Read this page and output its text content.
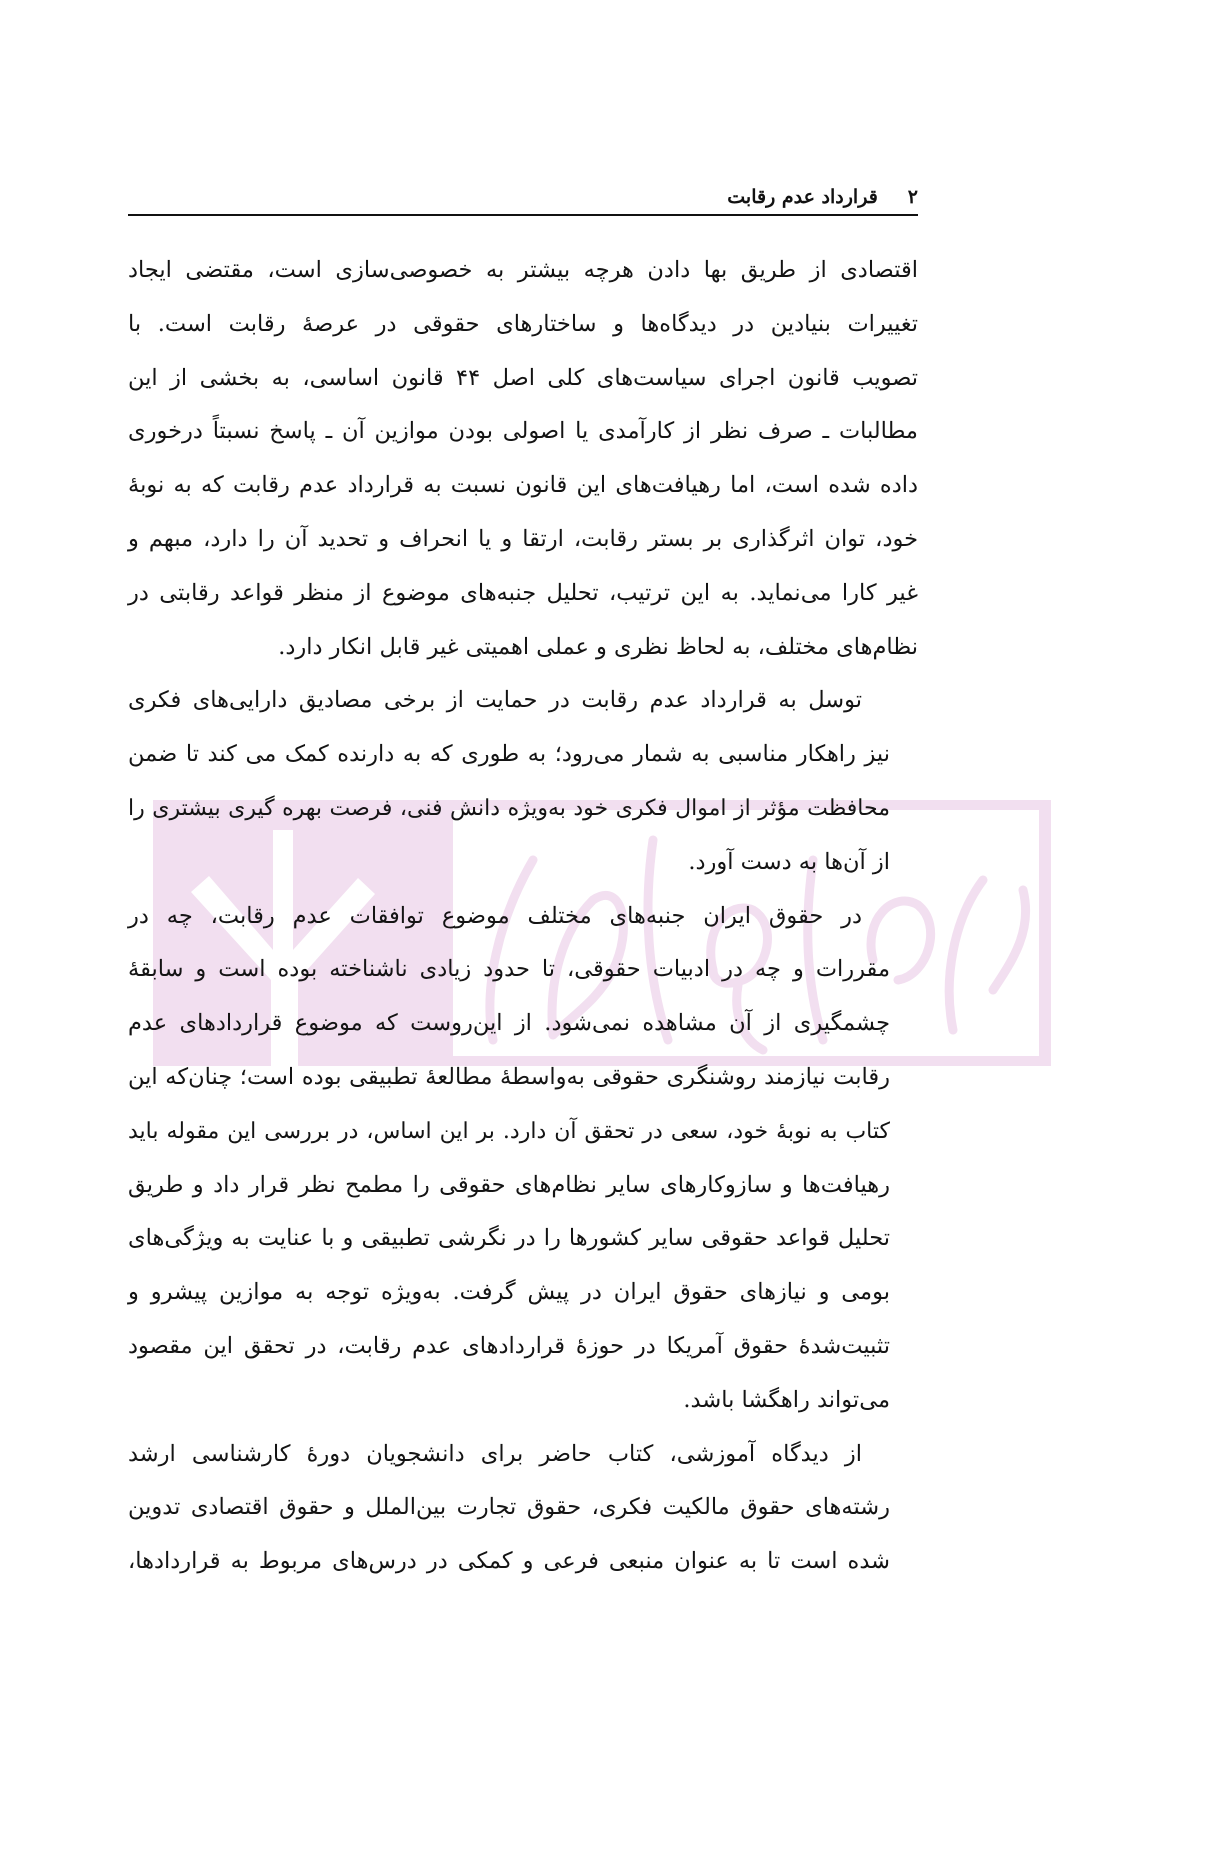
۲
قرارداد عدم رقابت

اقتصادی از طریق بها دادن هرچه بیشتر به خصوصی‌سازی است، مقتضی ایجاد
تغییرات بنیادین در دیدگاه‌ها و ساختارهای حقوقی در عرصهٔ رقابت است. با
تصویب قانون اجرای سیاست‌های کلی اصل ۴۴ قانون اساسی، به بخشی از این
مطالبات ـ صرف نظر از کارآمدی یا اصولی بودن موازین آن ـ پاسخ نسبتاً درخوری
داده شده است، اما رهیافت‌های این قانون نسبت به قرارداد عدم رقابت که به نوبهٔ
خود، توان اثرگذاری بر بستر رقابت، ارتقا و یا انحراف و تحدید آن را دارد، مبهم و
غیر کارا می‌نماید. به این ترتیب، تحلیل جنبه‌های موضوع از منظر قواعد رقابتی در
نظام‌های مختلف، به لحاظ نظری و عملی اهمیتی غیر قابل انکار دارد.

توسل به قرارداد عدم رقابت در حمایت از برخی مصادیق دارایی‌های فکری
نیز راهکار مناسبی به شمار می‌رود؛ به طوری که به دارنده کمک می کند تا ضمن
محافظت مؤثر از اموال فکری خود به‌ویژه دانش فنی، فرصت بهره گیری بیشتری را
از آن‌ها به دست آورد.

در حقوق ایران جنبه‌های مختلف موضوع توافقات عدم رقابت، چه در
مقررات و چه در ادبیات حقوقی، تا حدود زیادی ناشناخته بوده است و سابقهٔ
چشمگیری از آن مشاهده نمی‌شود. از این‌روست که موضوع قراردادهای عدم
رقابت نیازمند روشنگری حقوقی به‌واسطهٔ مطالعهٔ تطبیقی بوده است؛ چنان‌که این
کتاب به نوبهٔ خود، سعی در تحقق آن دارد. بر این اساس، در بررسی این مقوله باید
رهیافت‌ها و سازوکارهای سایر نظام‌های حقوقی را مطمح نظر قرار داد و طریق
تحلیل قواعد حقوقی سایر کشورها را در نگرشی تطبیقی و با عنایت به ویژگی‌های
بومی و نیازهای حقوق ایران در پیش گرفت. به‌ویژه توجه به موازین پیشرو و
تثبیت‌شدهٔ حقوق آمریکا در حوزهٔ قراردادهای عدم رقابت، در تحقق این مقصود
می‌تواند راهگشا باشد.

از دیدگاه آموزشی، کتاب حاضر برای دانشجویان دورهٔ کارشناسی ارشد
رشته‌های حقوق مالکیت فکری، حقوق تجارت بین‌الملل و حقوق اقتصادی تدوین
شده است تا به عنوان منبعی فرعی و کمکی در درس‌های مربوط به قراردادها،
